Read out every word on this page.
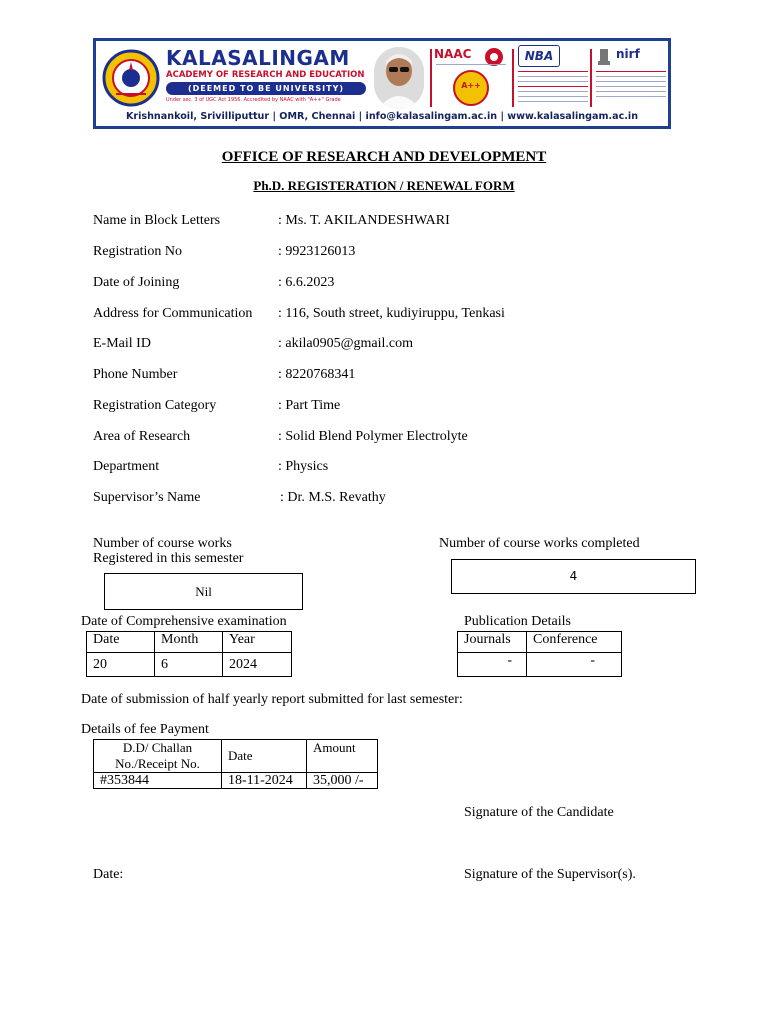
KALASALINGAM
ACADEMY OF RESEARCH AND EDUCATION
(DEEMED TO BE UNIVERSITY)
Under sec. 3 of UGC Act 1956. Accredited by NAAC with "A++" Grade
NAAC
A++
NBA	nirf
Krishnankoil, Srivilliputtur | OMR, Chennai | info@kalasalingam.ac.in | www.kalasalingam.ac.in
OFFICE OF RESEARCH AND DEVELOPMENT
Ph.D. REGISTERATION / RENEWAL FORM
Name in Block Letters	: Ms. T. AKILANDESHWARI
Registration No	: 9923126013
Date of Joining	: 6.6.2023
Address for Communication : 116, South street, kudiyiruppu, Tenkasi
E-Mail ID	: akila0905@gmail.com
Phone Number	: 8220768341
Registration Category	: Part Time
Area of Research	: Solid Blend Polymer Electrolyte
Department	: Physics
Supervisor’s Name	: Dr. M.S. Revathy
Number of course works
Registered in this semester
Nil
Number of course works completed
4
Date of Comprehensive examination
Date	Month	Year
20	6	2024
Publication Details
Journals	Conference
-	-
Date of submission of half yearly report submitted for last semester:
Details of fee Payment
D.D/ Challan
No./Receipt No.	Date	Amount
#353844	18-11-2024	35,000 /-
Signature of the Candidate
Date:	Signature of the Supervisor(s).
